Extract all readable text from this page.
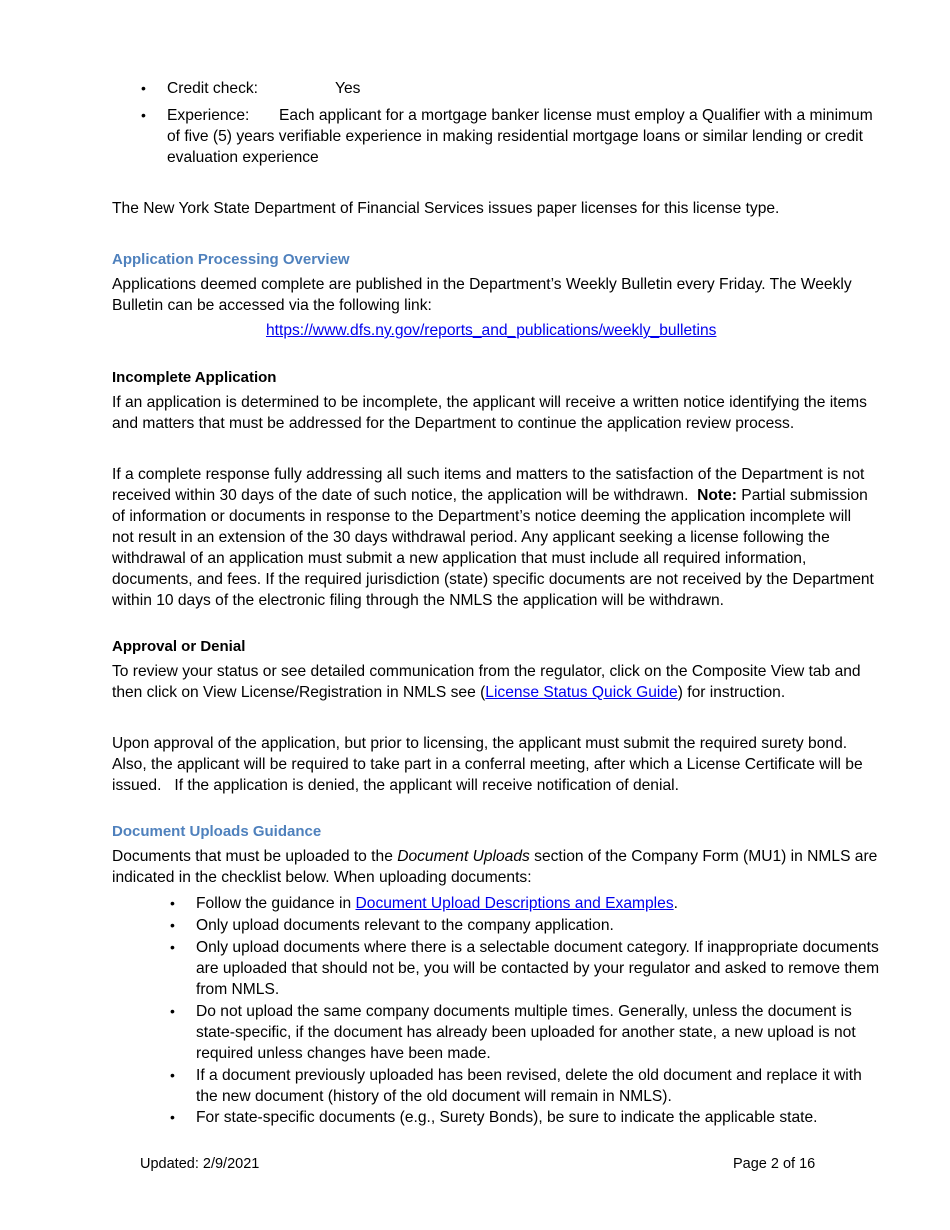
• Credit check:	Yes
• Experience: Each applicant for a mortgage banker license must employ a Qualifier with a minimum
of five (5) years verifiable experience in making residential mortgage loans or similar lending or credit
evaluation experience
The New York State Department of Financial Services issues paper licenses for this license type.
Application Processing Overview

Applications deemed complete are published in the Department’s Weekly Bulletin every Friday. The Weekly

Bulletin can be accessed via the following link:

https://www.dfs.ny.gov/reports_and_publications/weekly_bulletins
Incomplete Application

If an application is determined to be incomplete, the applicant will receive a written notice identifying the items

and matters that must be addressed for the Department to continue the application review process.

If a complete response fully addressing all such items and matters to the satisfaction of the Department is not

received within 30 days of the date of such notice, the application will be withdrawn.  Note: Partial submission

of information or documents in response to the Department’s notice deeming the application incomplete will

not result in an extension of the 30 days withdrawal period. Any applicant seeking a license following the

withdrawal of an application must submit a new application that must include all required information,

documents, and fees. If the required jurisdiction (state) specific documents are not received by the Department

within 10 days of the electronic filing through the NMLS the application will be withdrawn.

Approval or Denial

To review your status or see detailed communication from the regulator, click on the Composite View tab and

then click on View License/Registration in NMLS see (License Status Quick Guide) for instruction.

Upon approval of the application, but prior to licensing, the applicant must submit the required surety bond.

Also, the applicant will be required to take part in a conferral meeting, after which a License Certificate will be

issued.   If the application is denied, the applicant will receive notification of denial.

Document Uploads Guidance

Documents that must be uploaded to the Document Uploads section of the Company Form (MU1) in NMLS are

indicated in the checklist below. When uploading documents:

• Follow the guidance in Document Upload Descriptions and Examples.
• Only upload documents relevant to the company application.
• Only upload documents where there is a selectable document category. If inappropriate documents
are uploaded that should not be, you will be contacted by your regulator and asked to remove them
from NMLS.
• Do not upload the same company documents multiple times. Generally, unless the document is
state-specific, if the document has already been uploaded for another state, a new upload is not
required unless changes have been made.
• If a document previously uploaded has been revised, delete the old document and replace it with
the new document (history of the old document will remain in NMLS).
• For state-specific documents (e.g., Surety Bonds), be sure to indicate the applicable state.
Updated: 2/9/2021	Page 2 of 16
